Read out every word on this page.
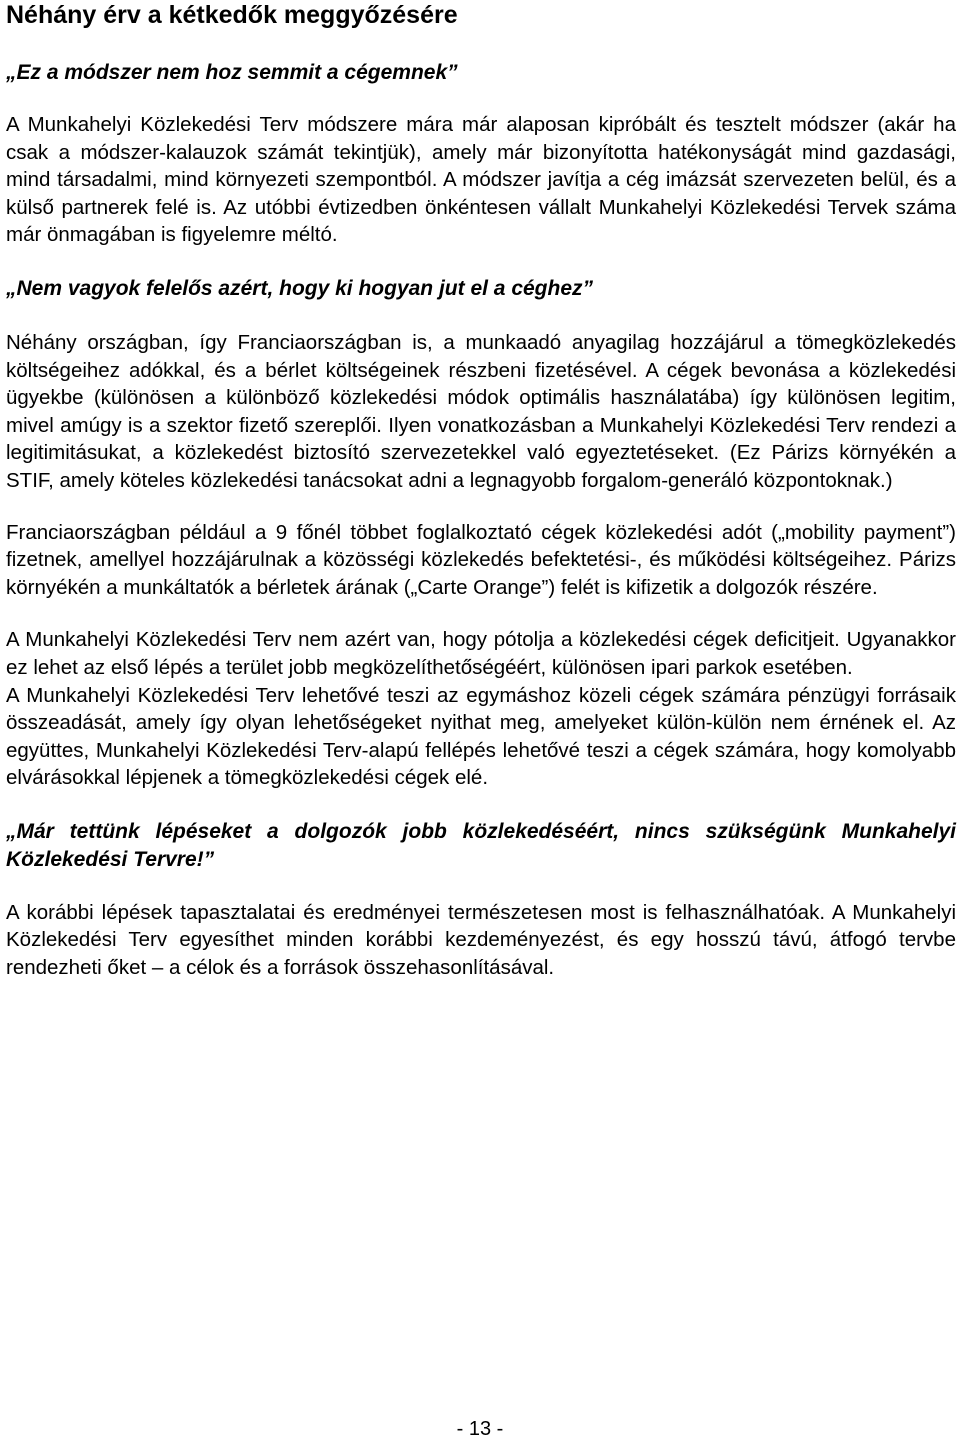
Néhány érv a kétkedők meggyőzésére

„Ez a módszer nem hoz semmit a cégemnek”

A Munkahelyi Közlekedési Terv módszere mára már alaposan kipróbált és tesztelt módszer (akár ha csak a módszer-kalauzok számát tekintjük), amely már bizonyította hatékonyságát mind gazdasági, mind társadalmi, mind környezeti szempontból. A módszer javítja a cég imázsát szervezeten belül, és a külső partnerek felé is. Az utóbbi évtizedben önkéntesen vállalt Munkahelyi Közlekedési Tervek száma már önmagában is figyelemre méltó.

„Nem vagyok felelős azért, hogy ki hogyan jut el a céghez”

Néhány országban, így Franciaországban is, a munkaadó anyagilag hozzájárul a tömegközlekedés költségeihez adókkal, és a bérlet költségeinek részbeni fizetésével. A cégek bevonása a közlekedési ügyekbe (különösen a különböző közlekedési módok optimális használatába) így különösen legitim, mivel amúgy is a szektor fizető szereplői. Ilyen vonatkozásban a Munkahelyi Közlekedési Terv rendezi a legitimitásukat, a közlekedést biztosító szervezetekkel való egyeztetéseket. (Ez Párizs környékén a STIF, amely köteles közlekedési tanácsokat adni a legnagyobb forgalom-generáló központoknak.)

Franciaországban például a 9 főnél többet foglalkoztató cégek közlekedési adót („mobility payment”) fizetnek, amellyel hozzájárulnak a közösségi közlekedés befektetési-, és működési költségeihez. Párizs környékén a munkáltatók a bérletek árának („Carte Orange”) felét is kifizetik a dolgozók részére.

A Munkahelyi Közlekedési Terv nem azért van, hogy pótolja a közlekedési cégek deficitjeit. Ugyanakkor ez lehet az első lépés a terület jobb megközelíthetőségéért, különösen ipari parkok esetében.

A Munkahelyi Közlekedési Terv lehetővé teszi az egymáshoz közeli cégek számára pénzügyi forrásaik összeadását, amely így olyan lehetőségeket nyithat meg, amelyeket külön-külön nem érnének el. Az együttes, Munkahelyi Közlekedési Terv-alapú fellépés lehetővé teszi a cégek számára, hogy komolyabb elvárásokkal lépjenek a tömegközlekedési cégek elé.

„Már tettünk lépéseket a dolgozók jobb közlekedéséért, nincs szükségünk Munkahelyi Közlekedési Tervre!”

A korábbi lépések tapasztalatai és eredményei természetesen most is felhasználhatóak. A Munkahelyi Közlekedési Terv egyesíthet minden korábbi kezdeményezést, és egy hosszú távú, átfogó tervbe rendezheti őket – a célok és a források összehasonlításával.

- 13 -
